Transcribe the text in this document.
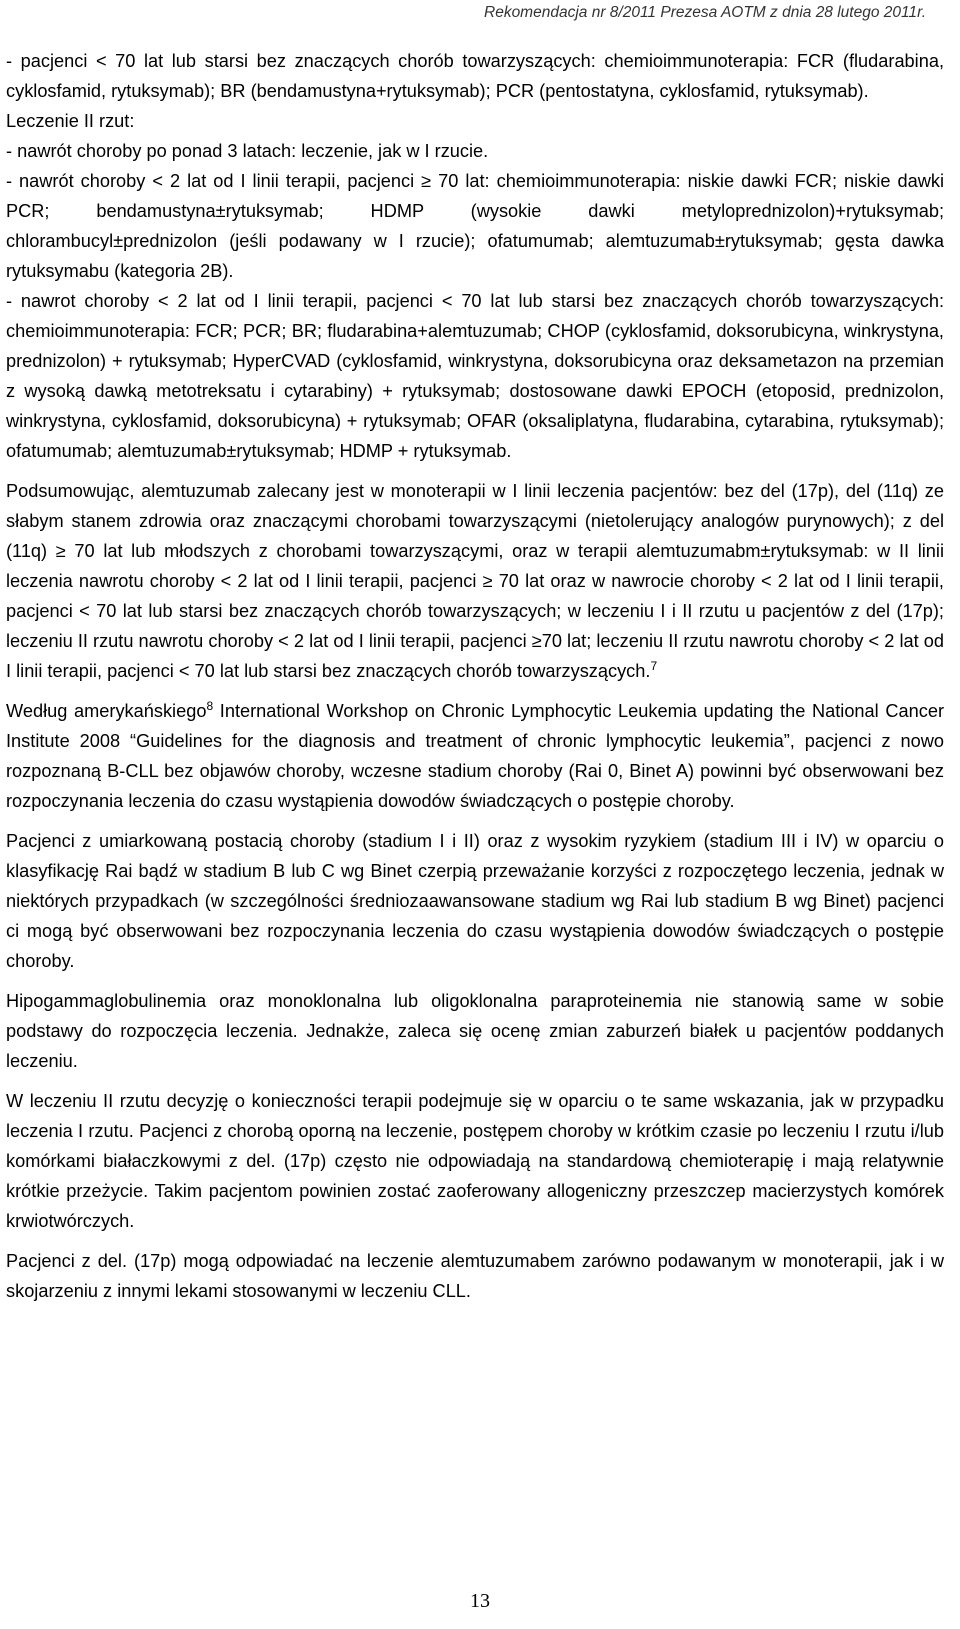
Rekomendacja nr 8/2011 Prezesa AOTM z dnia 28 lutego 2011r.

- pacjenci < 70 lat lub starsi bez znaczących chorób towarzyszących: chemioimmunoterapia: FCR (fludarabina, cyklosfamid, rytuksymab); BR (bendamustyna+rytuksymab); PCR (pentostatyna, cyklosfamid, rytuksymab).

Leczenie II rzut:

- nawrót choroby po ponad 3 latach: leczenie, jak w I rzucie.

- nawrót choroby < 2 lat od I linii terapii, pacjenci ≥ 70 lat: chemioimmunoterapia: niskie dawki FCR; niskie dawki PCR; bendamustyna±rytuksymab; HDMP (wysokie dawki metyloprednizolon)+rytuksymab; chlorambucyl±prednizolon (jeśli podawany w I rzucie); ofatumumab; alemtuzumab±rytuksymab; gęsta dawka rytuksymabu (kategoria 2B).

- nawrot choroby < 2 lat od I linii terapii, pacjenci < 70 lat lub starsi bez znaczących chorób towarzyszących: chemioimmunoterapia: FCR; PCR; BR; fludarabina+alemtuzumab; CHOP (cyklosfamid, doksorubicyna, winkrystyna, prednizolon) + rytuksymab; HyperCVAD (cyklosfamid, winkrystyna, doksorubicyna oraz deksametazon na przemian z wysoką dawką metotreksatu i cytarabiny) + rytuksymab; dostosowane dawki EPOCH (etoposid, prednizolon, winkrystyna, cyklosfamid, doksorubicyna) + rytuksymab; OFAR (oksaliplatyna, fludarabina, cytarabina, rytuksymab); ofatumumab; alemtuzumab±rytuksymab; HDMP + rytuksymab.

Podsumowując, alemtuzumab zalecany jest w monoterapii w I linii leczenia pacjentów: bez del (17p), del (11q) ze słabym stanem zdrowia oraz znaczącymi chorobami towarzyszącymi (nietolerujący analogów purynowych); z del (11q) ≥ 70 lat lub młodszych z chorobami towarzyszącymi, oraz w terapii alemtuzumabm±rytuksymab: w II linii leczenia nawrotu choroby < 2 lat od I linii terapii, pacjenci ≥ 70 lat oraz w nawrocie choroby < 2 lat od I linii terapii, pacjenci < 70 lat lub starsi bez znaczących chorób towarzyszących; w leczeniu I i II rzutu u pacjentów z del (17p); leczeniu II rzutu nawrotu choroby < 2 lat od I linii terapii, pacjenci ≥70 lat; leczeniu II rzutu nawrotu choroby < 2 lat od I linii terapii, pacjenci < 70 lat lub starsi bez znaczących chorób towarzyszących.$^7$

Według amerykańskiego$^8$ International Workshop on Chronic Lymphocytic Leukemia updating the National Cancer Institute 2008 “Guidelines for the diagnosis and treatment of chronic lymphocytic leukemia”, pacjenci z nowo rozpoznaną B-CLL bez objawów choroby, wczesne stadium choroby (Rai 0, Binet A) powinni być obserwowani bez rozpoczynania leczenia do czasu wystąpienia dowodów świadczących o postępie choroby.

Pacjenci z umiarkowaną postacią choroby (stadium I i II) oraz z wysokim ryzykiem (stadium III i IV) w oparciu o klasyfikację Rai bądź w stadium B lub C wg Binet czerpią przeważanie korzyści z rozpoczętego leczenia, jednak w niektórych przypadkach (w szczególności średniozaawansowane stadium wg Rai lub stadium B wg Binet) pacjenci ci mogą być obserwowani bez rozpoczynania leczenia do czasu wystąpienia dowodów świadczących o postępie choroby.

Hipogammaglobulinemia oraz monoklonalna lub oligoklonalna paraproteinemia nie stanowią same w sobie podstawy do rozpoczęcia leczenia. Jednakże, zaleca się ocenę zmian zaburzeń białek u pacjentów poddanych leczeniu.

W leczeniu II rzutu decyzję o konieczności terapii podejmuje się w oparciu o te same wskazania, jak w przypadku leczenia I rzutu. Pacjenci z chorobą oporną na leczenie, postępem choroby w krótkim czasie po leczeniu I rzutu i/lub komórkami białaczkowymi z del. (17p) często nie odpowiadają na standardową chemioterapię i mają relatywnie krótkie przeżycie. Takim pacjentom powinien zostać zaoferowany allogeniczny przeszczep macierzystych komórek krwiotwórczych.

Pacjenci z del. (17p) mogą odpowiadać na leczenie alemtuzumabem zarówno podawanym w monoterapii, jak i w skojarzeniu z innymi lekami stosowanymi w leczeniu CLL.

13
